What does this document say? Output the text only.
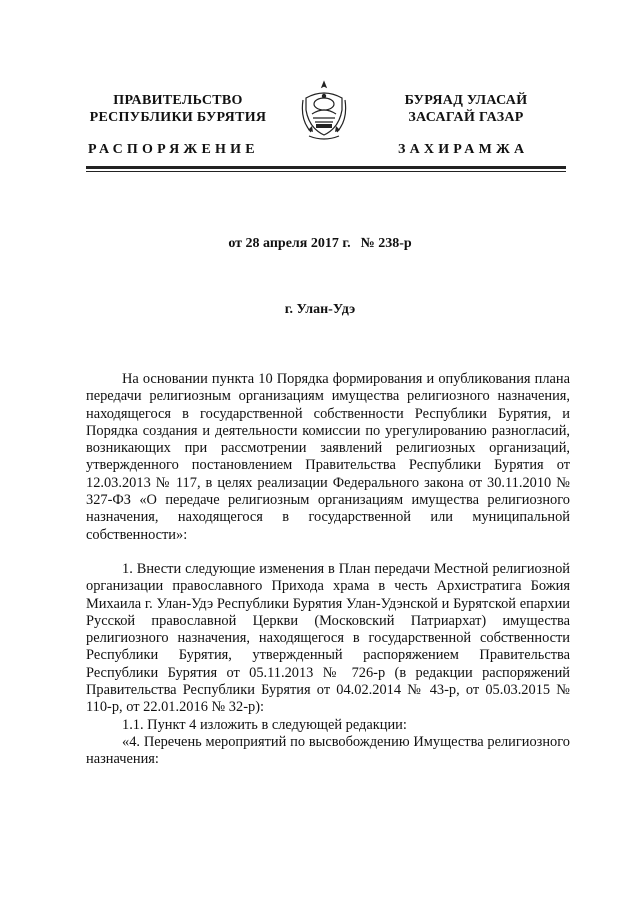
ПРАВИТЕЛЬСТВО
РЕСПУБЛИКИ БУРЯТИЯ
БУРЯАД УЛАСАЙ
ЗАСАГАЙ ГАЗАР
РАСПОРЯЖЕНИЕ	ЗАХИРАМЖА
от 28 апреля 2017 г. № 238-р
г. Улан-Удэ

На основании пункта 10 Порядка формирования и опубликования плана передачи религиозным организациям имущества религиозного назначения, находящегося в государственной собственности Республики Бурятия, и Порядка создания и деятельности комиссии по урегулированию разногласий, возникающих при рассмотрении заявлений религиозных организаций, утвержденного постановлением Правительства Республики Бурятия от 12.03.2013 № 117, в целях реализации Федерального закона от 30.11.2010 № 327-ФЗ «О передаче религиозным организациям имущества религиозного назначения, находящегося в государственной или муниципальной собственности»:

1. Внести следующие изменения в План передачи Местной религиозной организации православного Прихода храма в честь Архистратига Божия Михаила г. Улан-Удэ Республики Бурятия Улан-Удэнской и Бурятской епархии Русской православной Церкви (Московский Патриархат) имущества религиозного назначения, находящегося в государственной собственности Республики Бурятия, утвержденный распоряжением Правительства Республики Бурятия от 05.11.2013 № 726-р (в редакции распоряжений Правительства Республики Бурятия от 04.02.2014 № 43-р, от 05.03.2015 № 110-р, от 22.01.2016 № 32-р):

1.1. Пункт 4 изложить в следующей редакции:

«4. Перечень мероприятий по высвобождению Имущества религиозного назначения:
